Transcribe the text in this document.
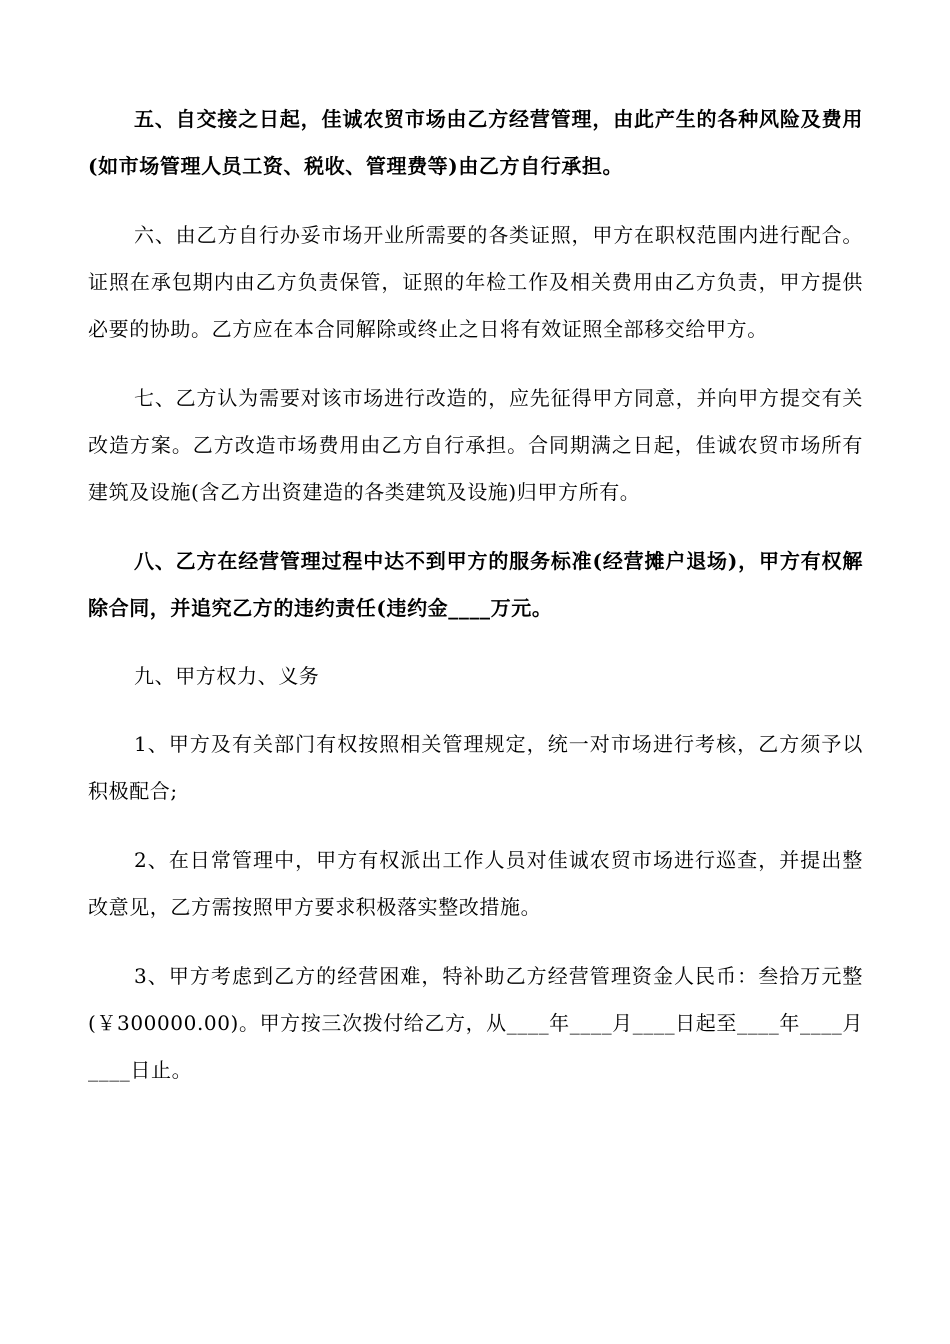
五、自交接之日起，佳诚农贸市场由乙方经营管理，由此产生的各种风险及费用(如市场管理人员工资、税收、管理费等)由乙方自行承担。

六、由乙方自行办妥市场开业所需要的各类证照，甲方在职权范围内进行配合。证照在承包期内由乙方负责保管，证照的年检工作及相关费用由乙方负责，甲方提供必要的协助。乙方应在本合同解除或终止之日将有效证照全部移交给甲方。

七、乙方认为需要对该市场进行改造的，应先征得甲方同意，并向甲方提交有关改造方案。乙方改造市场费用由乙方自行承担。合同期满之日起，佳诚农贸市场所有建筑及设施(含乙方出资建造的各类建筑及设施)归甲方所有。

八、乙方在经营管理过程中达不到甲方的服务标准(经营摊户退场)，甲方有权解除合同，并追究乙方的违约责任(违约金____万元。

九、甲方权力、义务

1、甲方及有关部门有权按照相关管理规定，统一对市场进行考核，乙方须予以积极配合;

2、在日常管理中，甲方有权派出工作人员对佳诚农贸市场进行巡查，并提出整改意见，乙方需按照甲方要求积极落实整改措施。

3、甲方考虑到乙方的经营困难，特补助乙方经营管理资金人民币：叁拾万元整(￥300000.00)。甲方按三次拨付给乙方，从____年____月____日起至____年____月____日止。
